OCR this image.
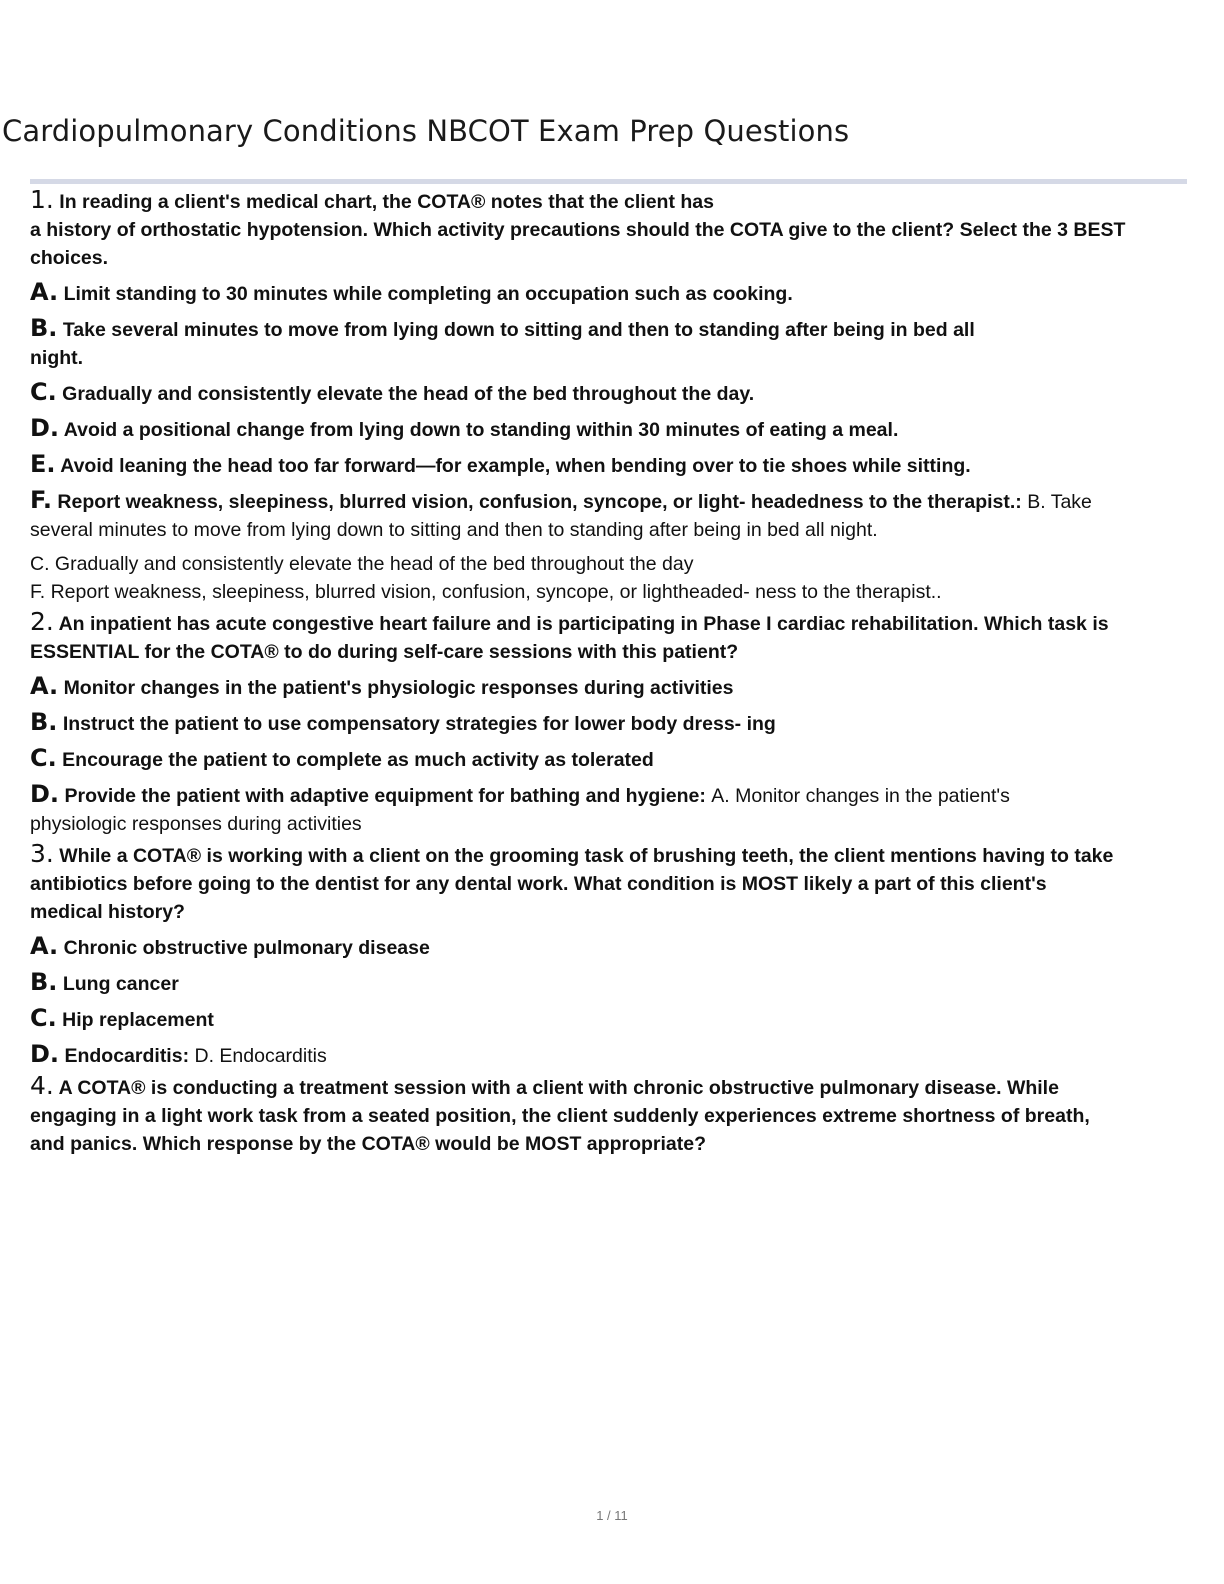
Cardiopulmonary Conditions NBCOT Exam Prep Questions

1. In reading a client's medical chart, the COTA® notes that the client has

a history of orthostatic hypotension. Which activity precautions should the COTA give to the client? Select the 3 BEST

choices.

A. Limit standing to 30 minutes while completing an occupation such as cooking.

B. Take several minutes to move from lying down to sitting and then to standing after being in bed all

night.

C. Gradually and consistently elevate the head of the bed throughout the day.

D. Avoid a positional change from lying down to standing within 30 minutes of eating a meal.

E. Avoid leaning the head too far forward—for example, when bending over to tie shoes while sitting.

F. Report weakness, sleepiness, blurred vision, confusion, syncope, or light- headedness to the therapist.: B. Take

several minutes to move from lying down to sitting and then to standing after being in bed all night.

C. Gradually and consistently elevate the head of the bed throughout the day

F. Report weakness, sleepiness, blurred vision, confusion, syncope, or lightheaded- ness to the therapist..

2. An inpatient has acute congestive heart failure and is participating in Phase I cardiac rehabilitation. Which task is

ESSENTIAL for the COTA® to do during self-care sessions with this patient?

A. Monitor changes in the patient's physiologic responses during activities

B. Instruct the patient to use compensatory strategies for lower body dress- ing

C. Encourage the patient to complete as much activity as tolerated

D. Provide the patient with adaptive equipment for bathing and hygiene: A. Monitor changes in the patient's

physiologic responses during activities

3. While a COTA® is working with a client on the grooming task of brushing teeth, the client mentions having to take

antibiotics before going to the dentist for any dental work. What condition is MOST likely a part of this client's

medical history?

A. Chronic obstructive pulmonary disease

B. Lung cancer

C. Hip replacement

D. Endocarditis: D. Endocarditis

4. A COTA® is conducting a treatment session with a client with chronic obstructive pulmonary disease. While

engaging in a light work task from a seated position, the client suddenly experiences extreme shortness of breath,

and panics. Which response by the COTA® would be MOST appropriate?

1 / 11
